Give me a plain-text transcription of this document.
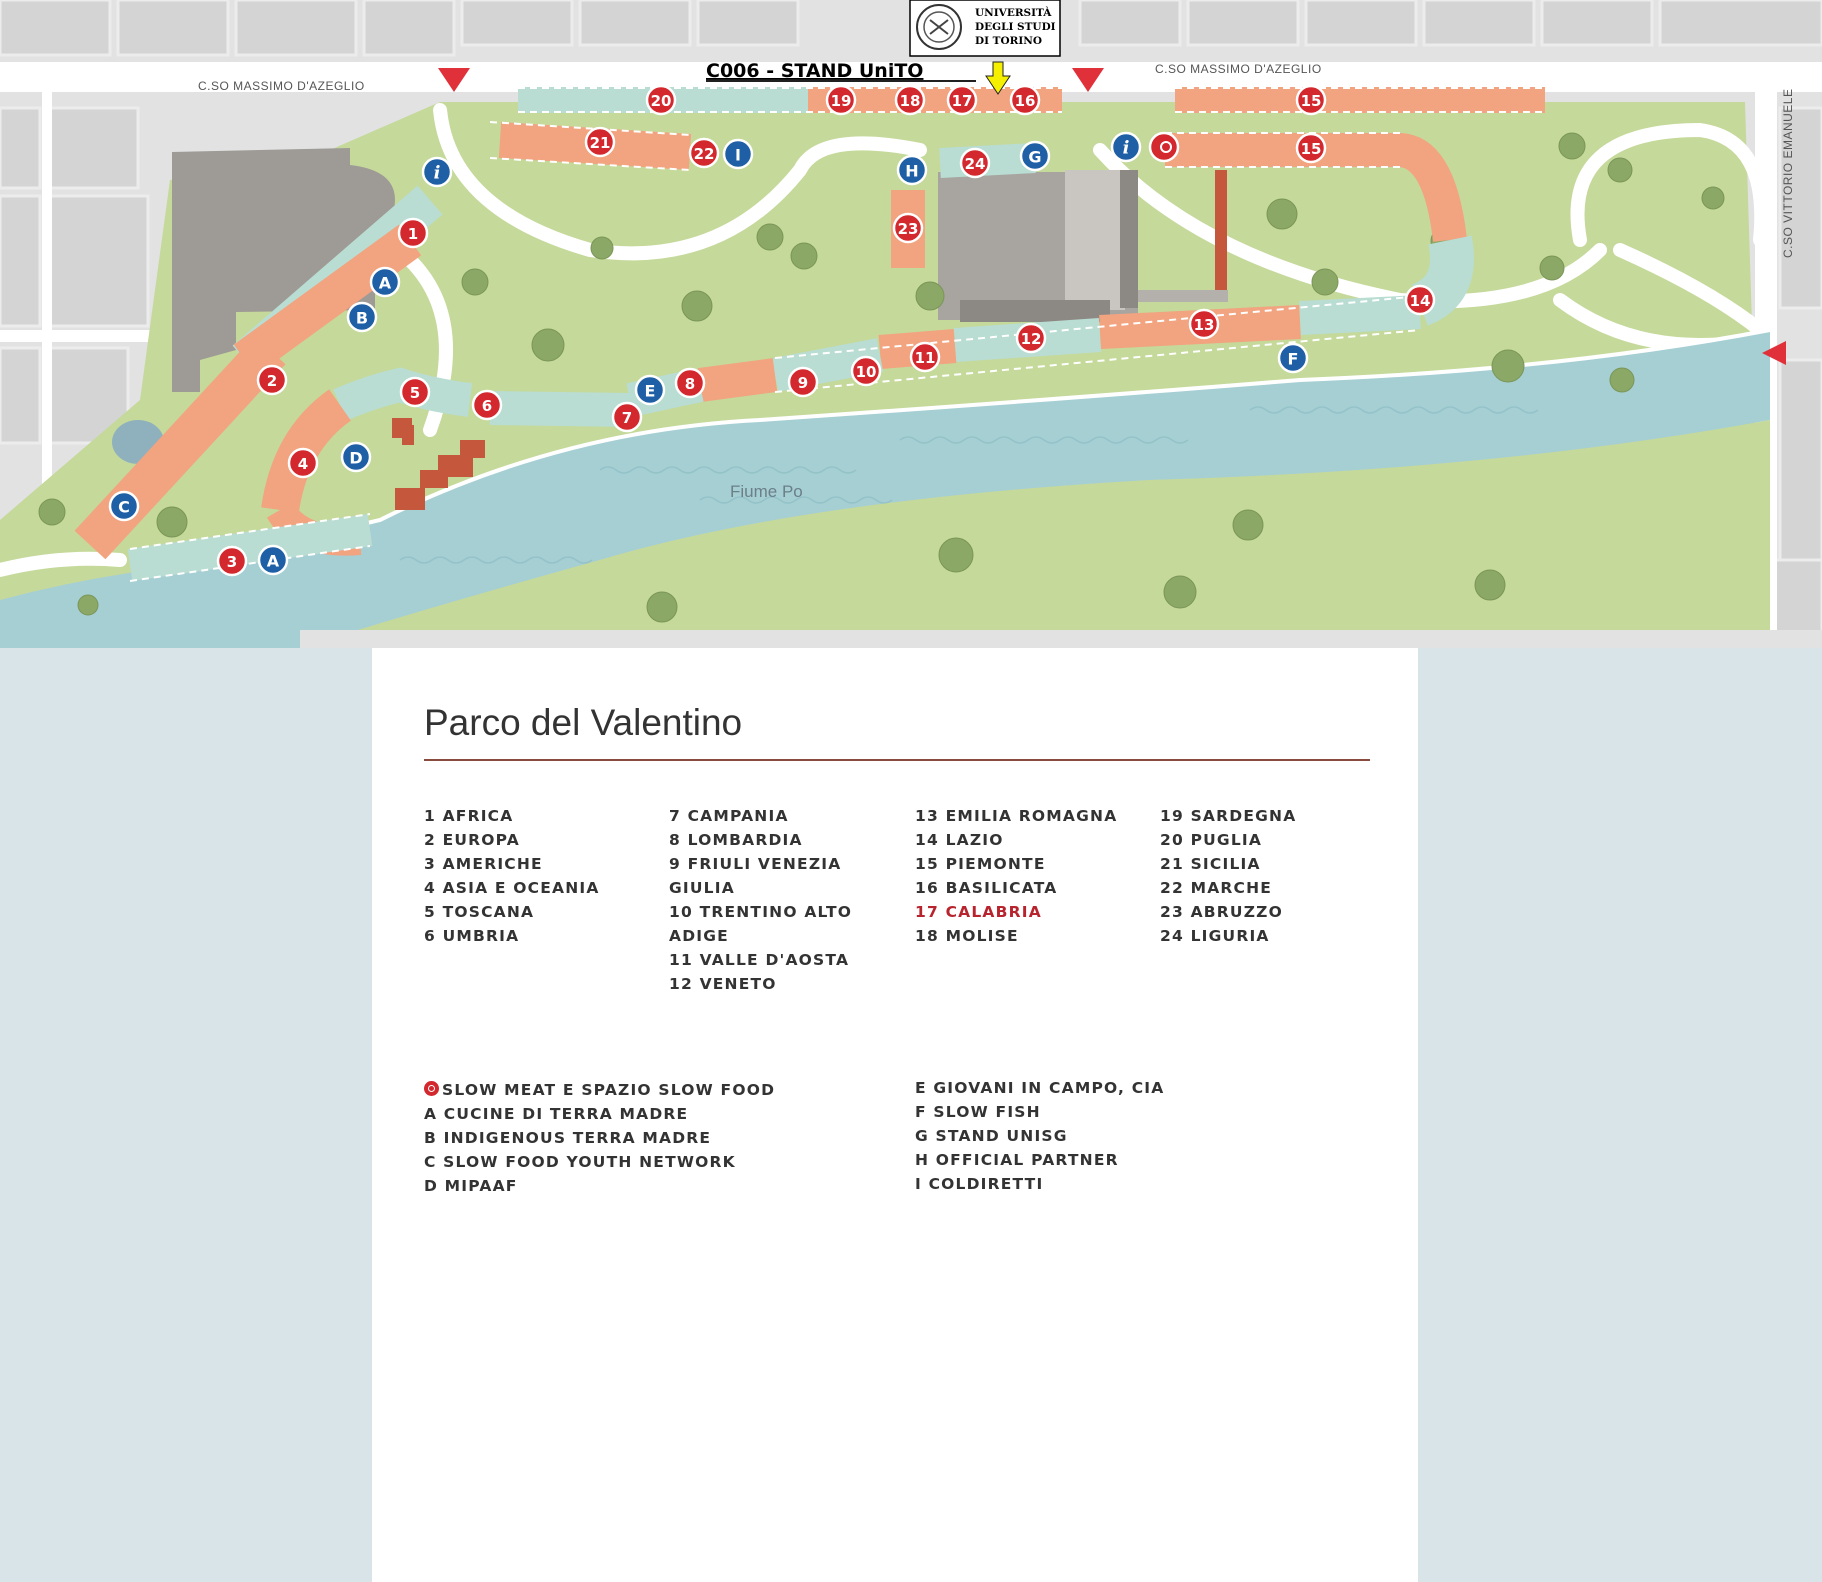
C.SO MASSIMO D'AZEGLIO
C.SO MASSIMO D'AZEGLIO
C.SO VITTORIO EMANUELE
Fiume Po
UNIVERSITÀ
DEGLI STUDI
DI TORINO
C006 - STAND UniTO
1
2
3
4
5
6
7
8	9
10
11
12
13
14
15
15
16
17
18
19
20
21
22
23
24
A
A
B
C
D
E
F
G
H
I
i
i
Parco del Valentino
1 AFRICA
2 EUROPA
3 AMERICHE
4 ASIA E OCEANIA
5 TOSCANA
6 UMBRIA
7 CAMPANIA
8 LOMBARDIA
9 FRIULI VENEZIA GIULIA
10 TRENTINO ALTO ADIGE
11 VALLE D'AOSTA
12 VENETO
13 EMILIA ROMAGNA
14 LAZIO
15 PIEMONTE
16 BASILICATA
17 CALABRIA
18 MOLISE
19 SARDEGNA
20 PUGLIA
21 SICILIA
22 MARCHE
23 ABRUZZO
24 LIGURIA
SLOW MEAT E SPAZIO SLOW FOOD
A CUCINE DI TERRA MADRE
B INDIGENOUS TERRA MADRE
C SLOW FOOD YOUTH NETWORK
D MIPAAF
E GIOVANI IN CAMPO, CIA
F SLOW FISH
G STAND UNISG
H OFFICIAL PARTNER
I COLDIRETTI
